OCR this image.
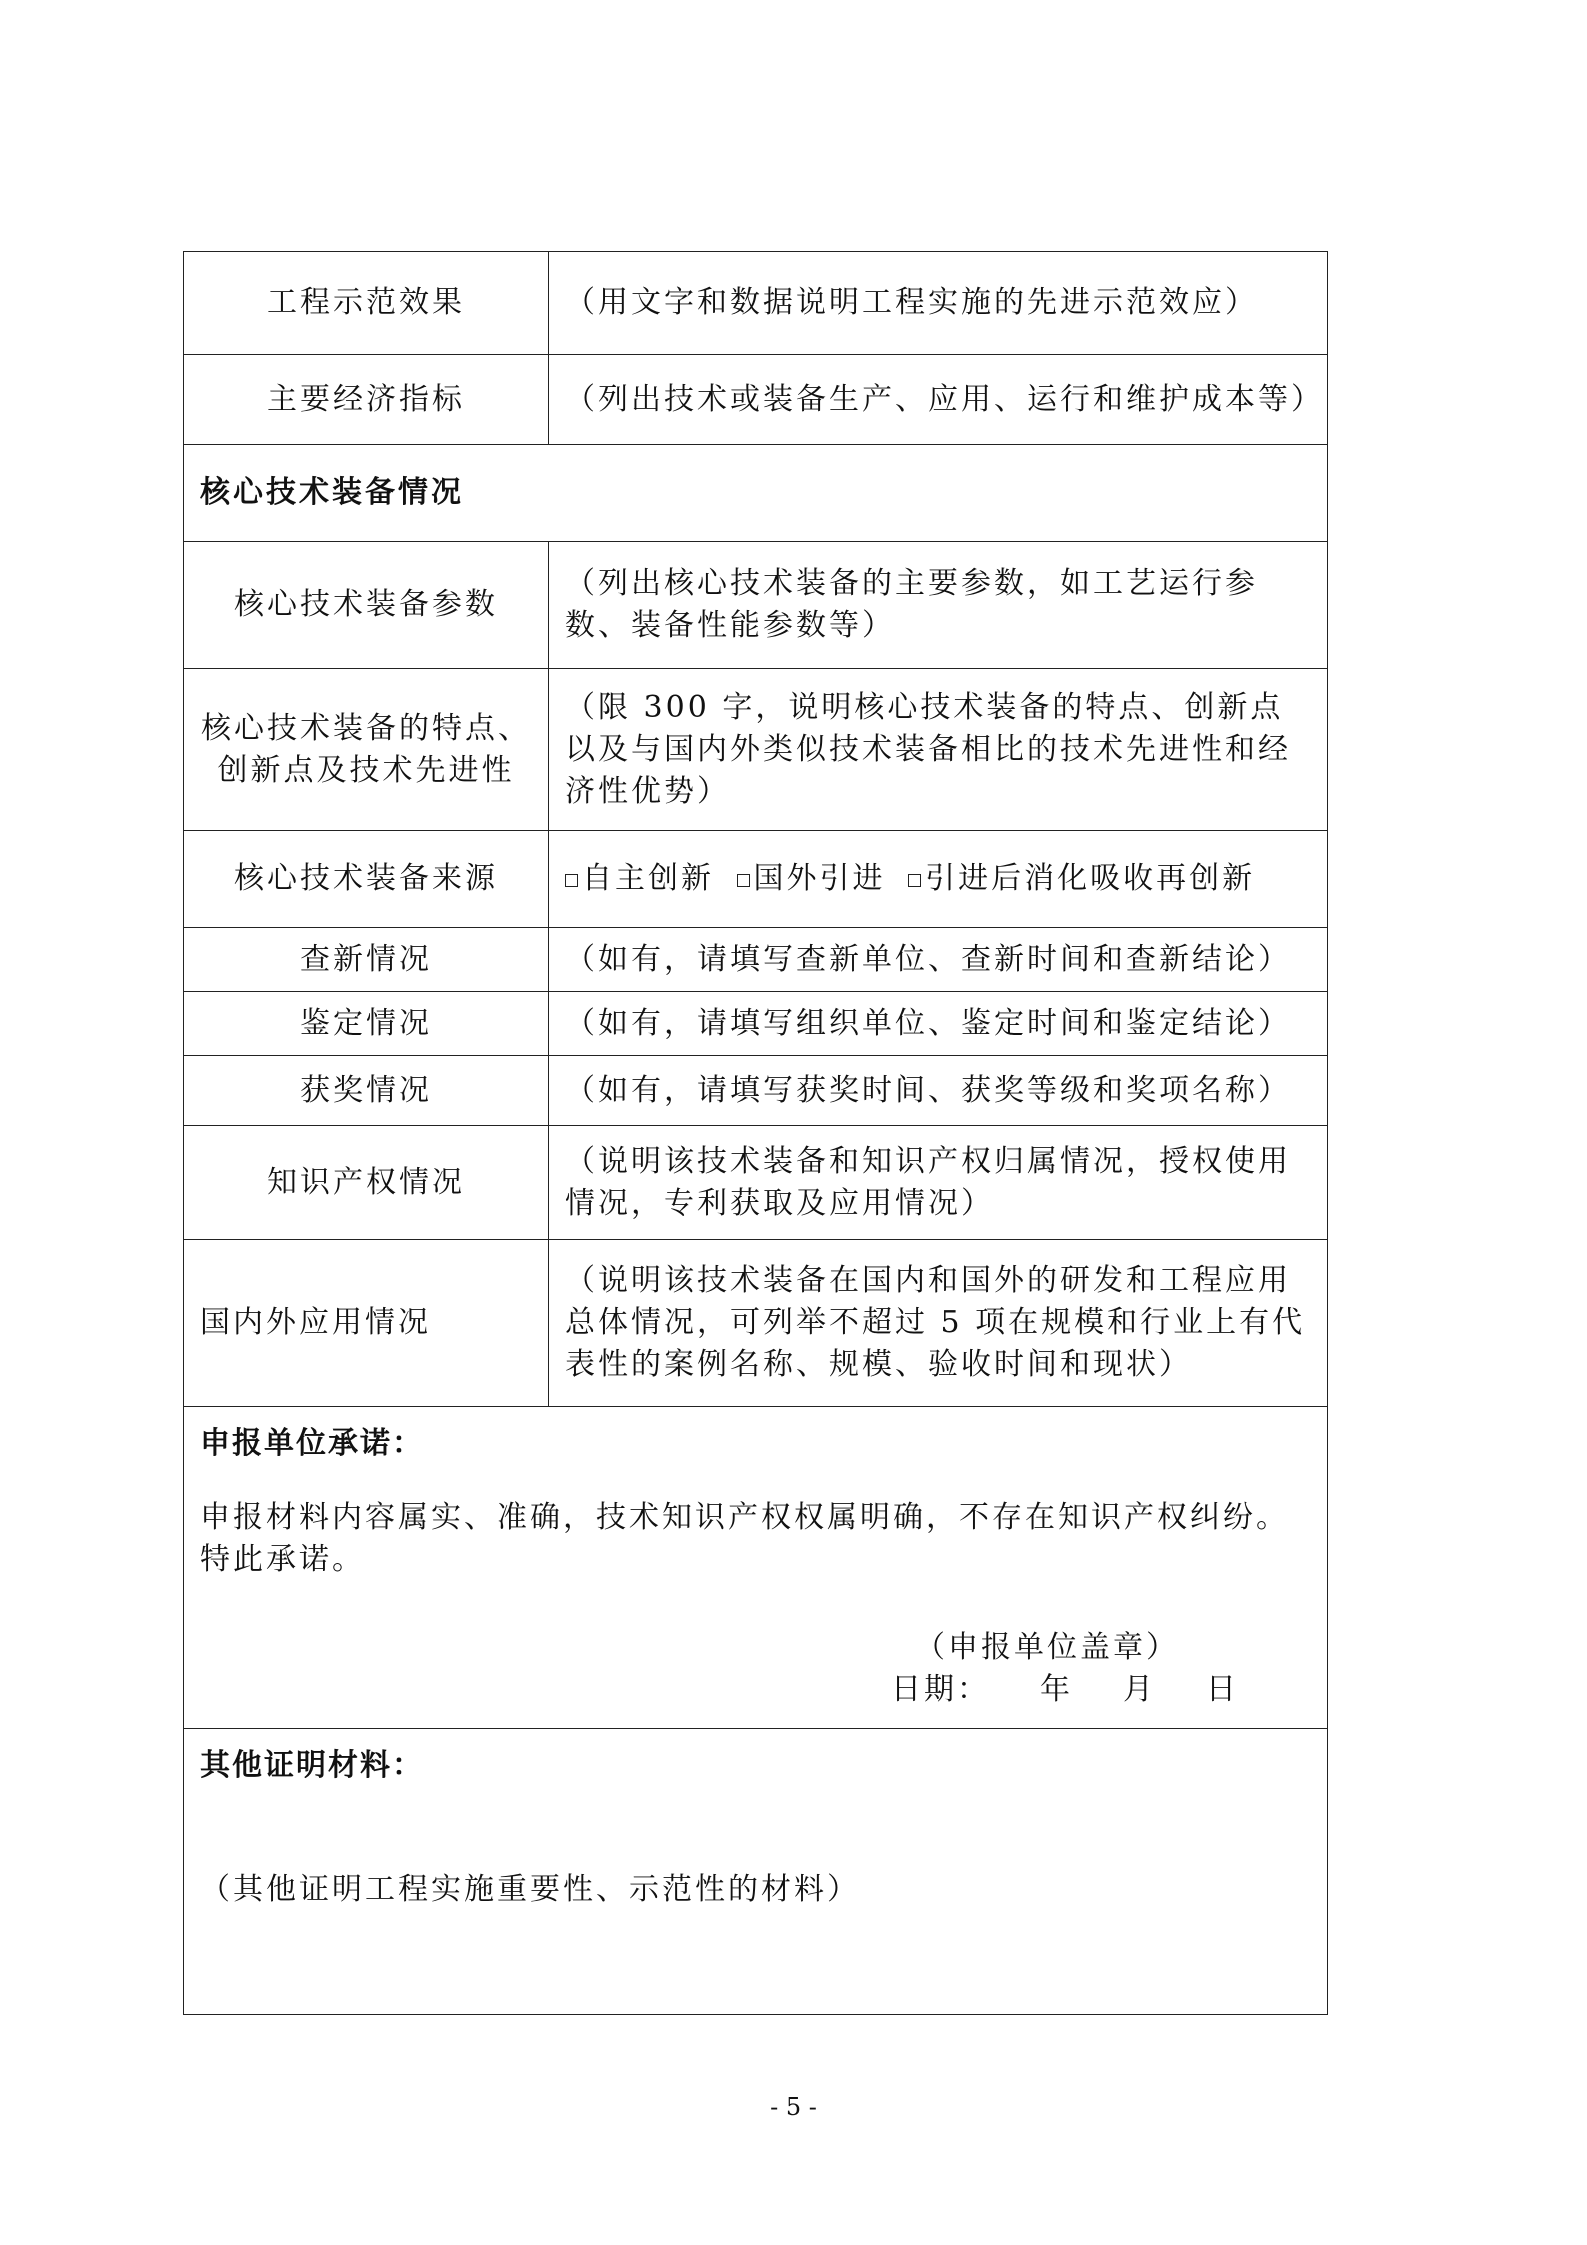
工程示范效果	（用文字和数据说明工程实施的先进示范效应）
主要经济指标	（列出技术或装备生产、应用、运行和维护成本等）
核心技术装备情况	
核心技术装备参数	（列出核心技术装备的主要参数，如工艺运行参数、装备性能参数等）

核心技术装备的特点、
创新点及技术先进性	（限 300 字，说明核心技术装备的特点、创新点以及与国内外类似技术装备相比的技术先进性和经济性优势）
核心技术装备来源	自主创新 国外引进 引进后消化吸收再创新
查新情况	（如有，请填写查新单位、查新时间和查新结论）
鉴定情况	（如有，请填写组织单位、鉴定时间和鉴定结论）
获奖情况	（如有，请填写获奖时间、获奖等级和奖项名称）
知识产权情况	（说明该技术装备和知识产权归属情况，授权使用情况，专利获取及应用情况）
国内外应用情况	（说明该技术装备在国内和国外的研发和工程应用总体情况，可列举不超过 5 项在规模和行业上有代表性的案例名称、规模、验收时间和现状）

申报单位承诺：
申报材料内容属实、准确，技术知识产权权属明确，不存在知识产权纠纷。
特此承诺。
（申报单位盖章）
日期： 年 月 日	

其他证明材料：
（其他证明工程实施重要性、示范性的材料）	
- 5 -
